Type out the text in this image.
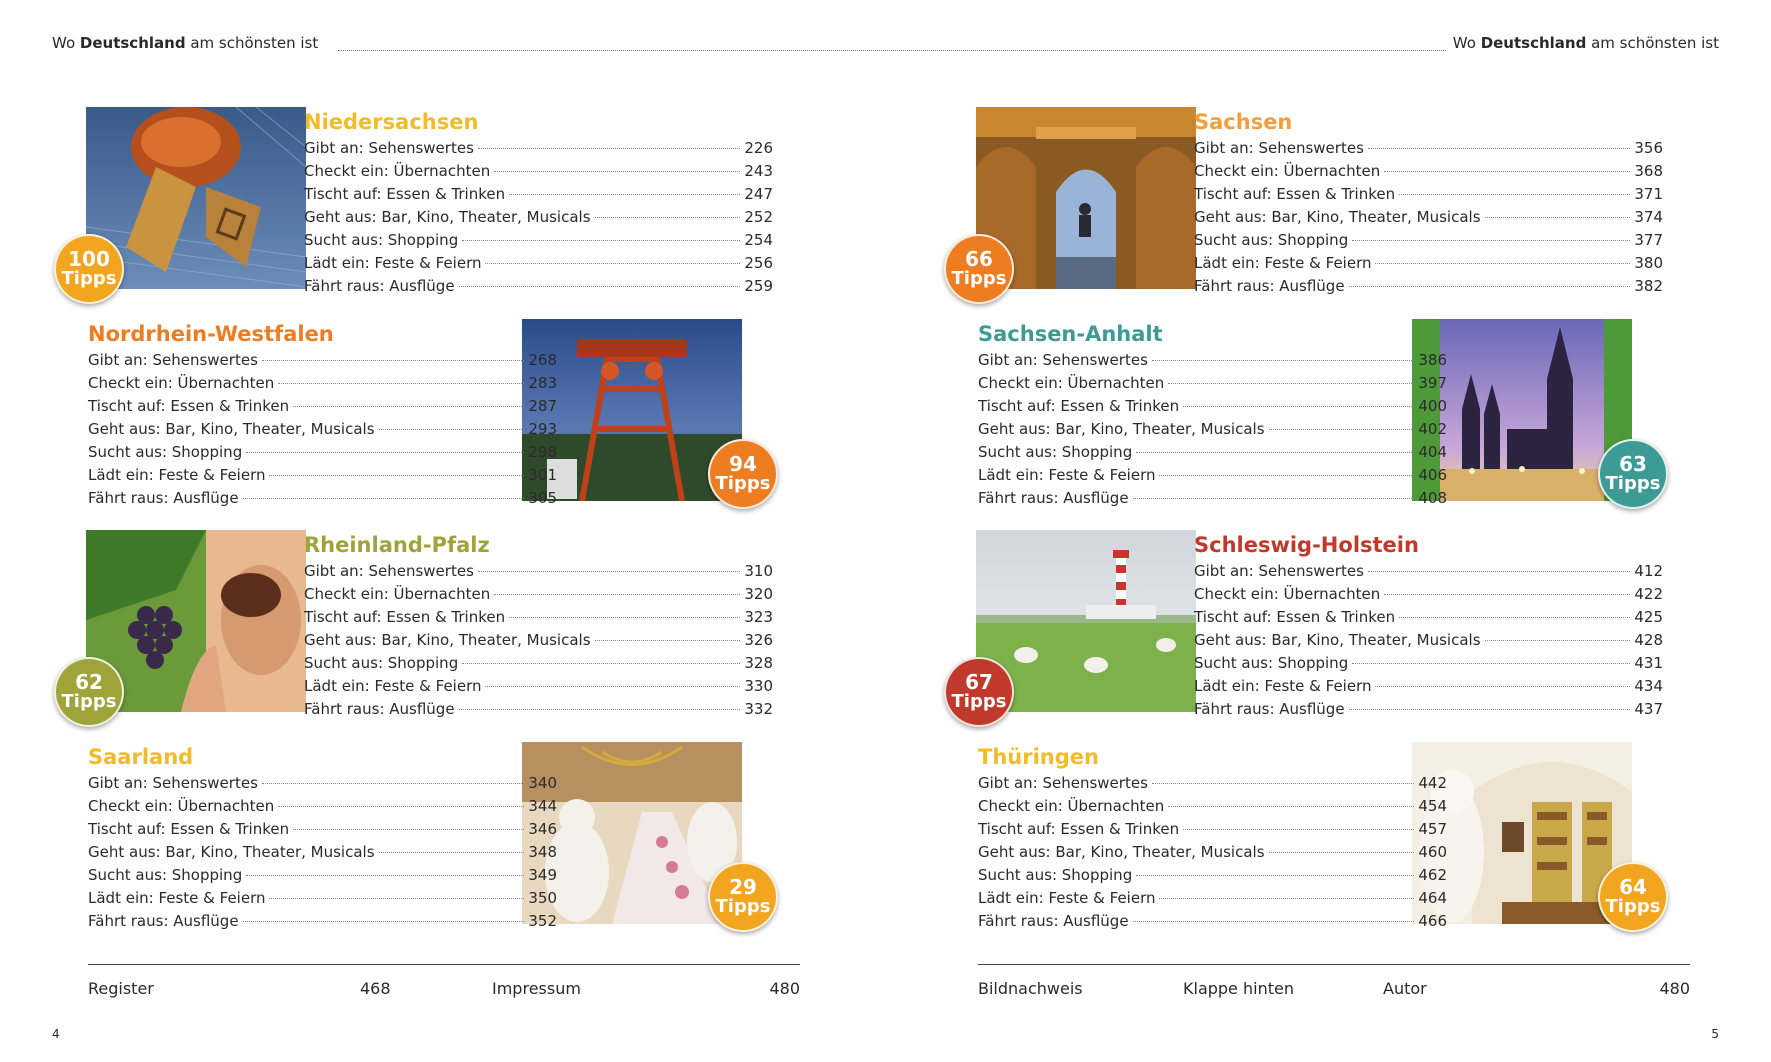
Wo Deutschland am schönsten ist	Wo Deutschland am schönsten ist
Niedersachsen
Gibt an: Sehenswertes	226
Checkt ein: Übernachten	243
Tischt auf: Essen & Trinken	247
Geht aus: Bar, Kino, Theater, Musicals	252
Sucht aus: Shopping	254
Lädt ein: Feste & Feiern	256
Fährt raus: Ausflüge	259
100
Tipps
Sachsen
Gibt an: Sehenswertes	356
Checkt ein: Übernachten	368
Tischt auf: Essen & Trinken	371
Geht aus: Bar, Kino, Theater, Musicals	374
Sucht aus: Shopping	377
Lädt ein: Feste & Feiern	380
Fährt raus: Ausflüge	382
66
Tipps
Nordrhein-Westfalen
Gibt an: Sehenswertes	268
Checkt ein: Übernachten	283
Tischt auf: Essen & Trinken	287
Geht aus: Bar, Kino, Theater, Musicals	293
Sucht aus: Shopping	298
Lädt ein: Feste & Feiern	301
Fährt raus: Ausflüge	305
94
Tipps
Sachsen-Anhalt
Gibt an: Sehenswertes	386
Checkt ein: Übernachten	397
Tischt auf: Essen & Trinken	400
Geht aus: Bar, Kino, Theater, Musicals	402
Sucht aus: Shopping	404
Lädt ein: Feste & Feiern	406
Fährt raus: Ausflüge	408
63
Tipps
Rheinland-Pfalz
Gibt an: Sehenswertes	310
Checkt ein: Übernachten	320
Tischt auf: Essen & Trinken	323
Geht aus: Bar, Kino, Theater, Musicals	326
Sucht aus: Shopping	328
Lädt ein: Feste & Feiern	330
Fährt raus: Ausflüge	332
62
Tipps
Schleswig-Holstein
Gibt an: Sehenswertes	412
Checkt ein: Übernachten	422
Tischt auf: Essen & Trinken	425
Geht aus: Bar, Kino, Theater, Musicals	428
Sucht aus: Shopping	431
Lädt ein: Feste & Feiern	434
Fährt raus: Ausflüge	437
67
Tipps
Saarland
Gibt an: Sehenswertes	340
Checkt ein: Übernachten	344
Tischt auf: Essen & Trinken	346
Geht aus: Bar, Kino, Theater, Musicals	348
Sucht aus: Shopping	349
Lädt ein: Feste & Feiern	350
Fährt raus: Ausflüge	352
29
Tipps
Thüringen
Gibt an: Sehenswertes	442
Checkt ein: Übernachten	454
Tischt auf: Essen & Trinken	457
Geht aus: Bar, Kino, Theater, Musicals	460
Sucht aus: Shopping	462
Lädt ein: Feste & Feiern	464
Fährt raus: Ausflüge	466
64
Tipps
Register	468	Impressum	480	Bildnachweis	Klappe hinten	Autor	480
4	5
